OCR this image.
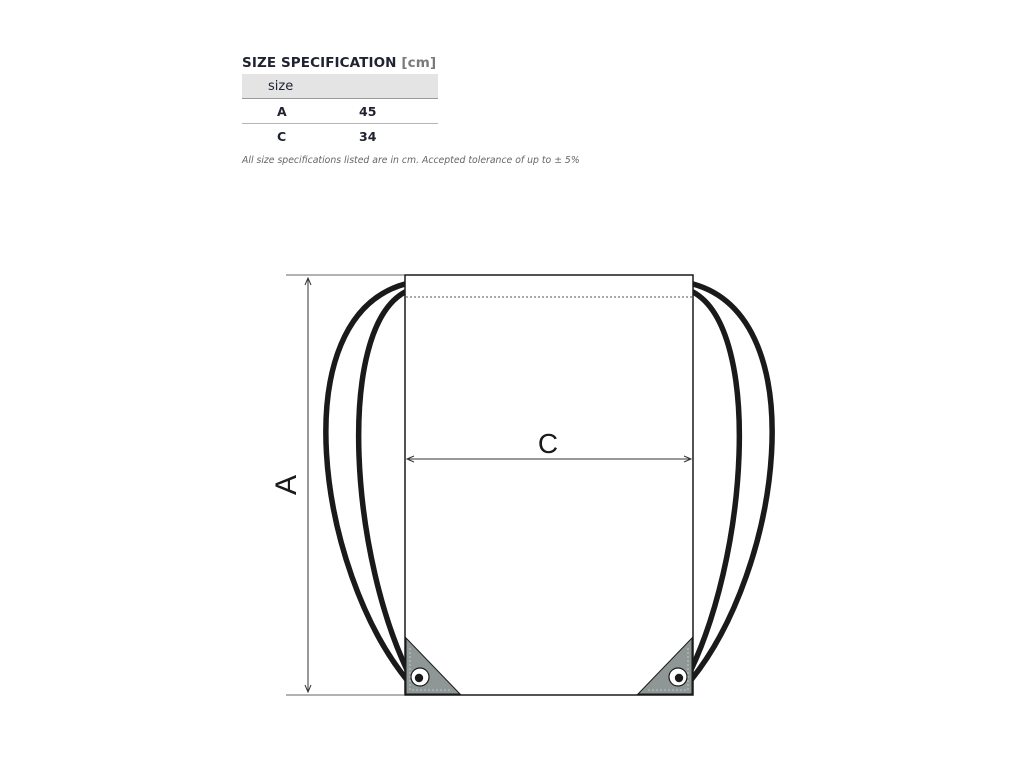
SIZE SPECIFICATION [cm]
size
A	45
C	34
All size specifications listed are in cm. Accepted tolerance of up to ± 5%
A
C
